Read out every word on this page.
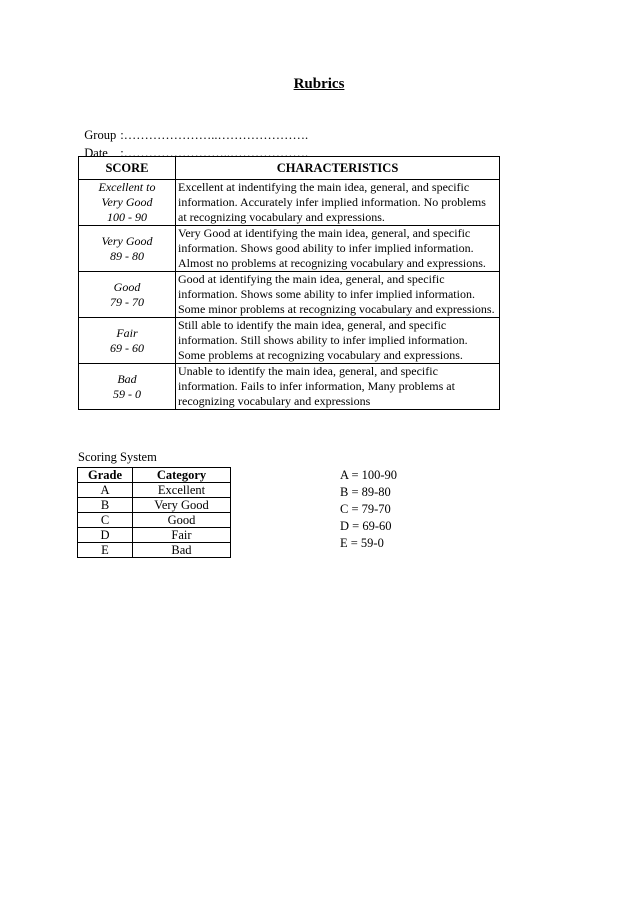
Rubrics

Group :…………………..………………….

Date :……………………..……………….

SCORE	CHARACTERISTICS

Excellent to
Very Good
100 - 90	Excellent at indentifying the main idea, general, and specific information. Accurately infer implied information. No problems at recognizing vocabulary and expressions.

Very Good
89 - 80	Very Good at identifying the main idea, general, and specific information. Shows good ability to infer implied information. Almost no problems at recognizing vocabulary and expressions.

Good
79 - 70	Good at identifying the main idea, general, and specific information. Shows some ability to infer implied information. Some minor problems at recognizing vocabulary and expressions.

Fair
69 - 60	Still able to identify the main idea, general, and specific information. Still shows ability to infer implied information. Some problems at recognizing vocabulary and expressions.

Bad
59 - 0	Unable to identify the main idea, general, and specific information. Fails to infer information, Many problems at recognizing vocabulary and expressions
Scoring System
Grade	Category
A	Excellent
B	Very Good
C	Good
D	Fair
E	Bad
A = 100-90
B = 89-80
C = 79-70
D = 69-60
E = 59-0
